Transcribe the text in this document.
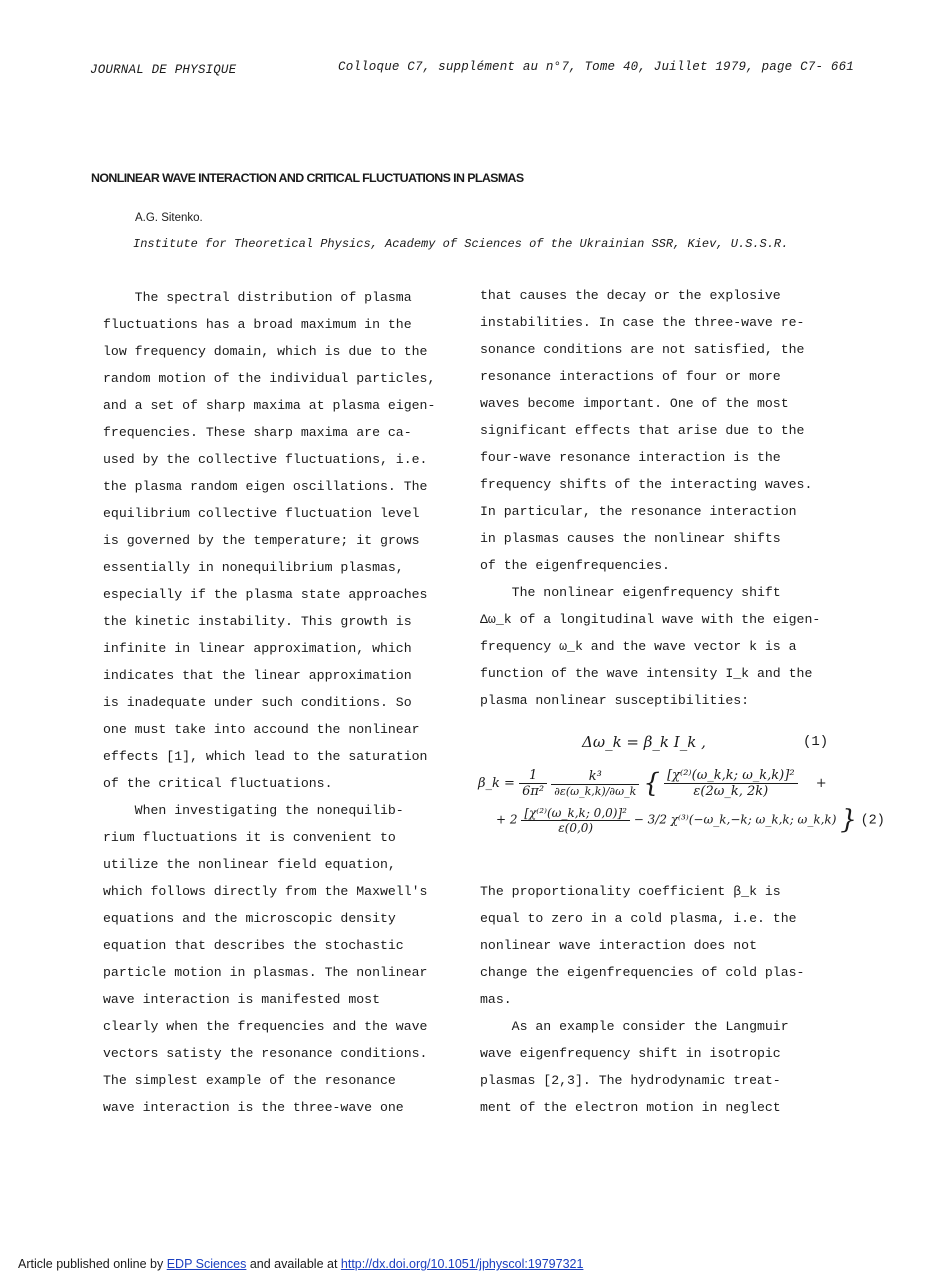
JOURNAL DE PHYSIQUE	Colloque C7, supplément au n°7, Tome 40, Juillet 1979, page C7- 661
NONLINEAR WAVE INTERACTION AND CRITICAL FLUCTUATIONS IN PLASMAS
A.G. Sitenko.
Institute for Theoretical Physics, Academy of Sciences of the Ukrainian SSR, Kiev, U.S.S.R.

The spectral distribution of plasma

fluctuations has a broad maximum in the

low frequency domain, which is due to the

random motion of the individual particles,

and a set of sharp maxima at plasma eigen-

frequencies. These sharp maxima are ca-

used by the collective fluctuations, i.e.

the plasma random eigen oscillations. The

equilibrium collective fluctuation level

is governed by the temperature; it grows

essentially in nonequilibrium plasmas,

especially if the plasma state approaches

the kinetic instability. This growth is

infinite in linear approximation, which

indicates that the linear approximation

is inadequate under such conditions. So

one must take into accound the nonlinear

effects [1], which lead to the saturation

of the critical fluctuations.

When investigating the nonequilib-

rium fluctuations it is convenient to

utilize the nonlinear field equation,

which follows directly from the Maxwell's

equations and the microscopic density

equation that describes the stochastic

particle motion in plasmas. The nonlinear

wave interaction is manifested most

clearly when the frequencies and the wave

vectors satisty the resonance conditions.

The simplest example of the resonance

wave interaction is the three-wave one

that causes the decay or the explosive

instabilities. In case the three-wave re-

sonance conditions are not satisfied, the

resonance interactions of four or more

waves become important. One of the most

significant effects that arise due to the

four-wave resonance interaction is the

frequency shifts of the interacting waves.

In particular, the resonance interaction

in plasmas causes the nonlinear shifts

of the eigenfrequencies.

The nonlinear eigenfrequency shift

Δω_k of a longitudinal wave with the eigen-

frequency ω_k and the wave vector k is a

function of the wave intensity I_k and the

plasma nonlinear susceptibilities:

Δω_k = β_k I_k ,	(1)
β_k = $\frac{1}{\text{6π²}}$
$\frac{\text{k³}}{\partial\varepsilon(\omega\_k,k)/\partial\omega\_k}$ { $\frac{\text{[χ⁽²⁾(ω\_k,k; ω\_k,k)]²}}{\varepsilon(2\omega\_k, 2k)}$ +
+ $2 \frac{\text{[χ⁽²⁾(ω\_k,k; 0,0)]²}}{\varepsilon(0,0)} - 3/2$ χ⁽³⁾(−ω_k,−k; ω_k,k; ω_k,k) } (2)

The proportionality coefficient β_k is

equal to zero in a cold plasma, i.e. the

nonlinear wave interaction does not

change the eigenfrequencies of cold plas-

mas.

As an example consider the Langmuir

wave eigenfrequency shift in isotropic

plasmas [2,3]. The hydrodynamic treat-

ment of the electron motion in neglect

Article published online by EDP Sciences and available at http://dx.doi.org/10.1051/jphyscol:19797321
